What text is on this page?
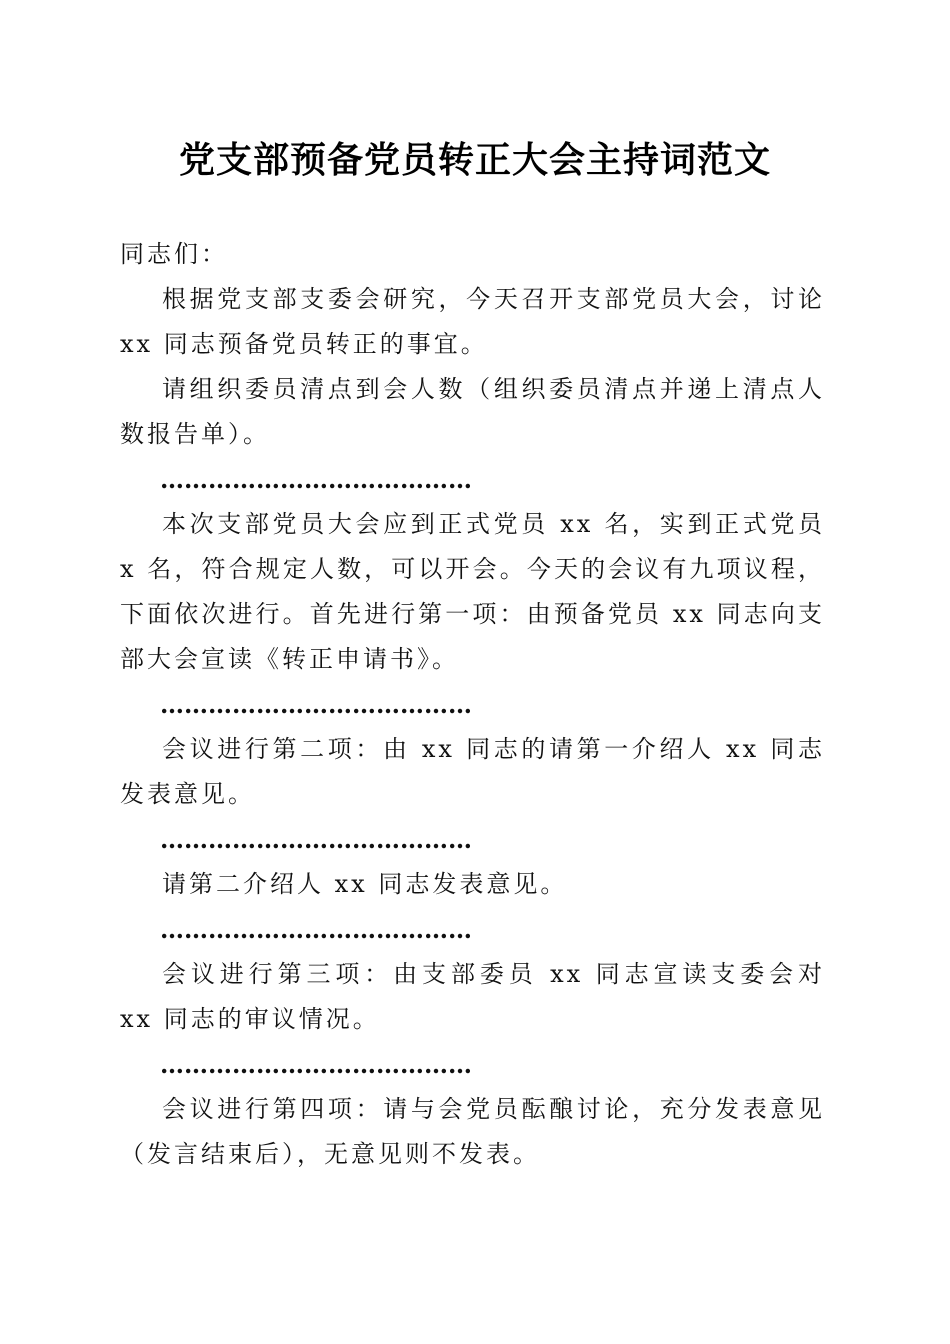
党支部预备党员转正大会主持词范文

同志们：

根据党支部支委会研究，今天召开支部党员大会，讨论 xx 同志预备党员转正的事宜。

请组织委员清点到会人数（组织委员清点并递上清点人数报告单）。

…………………………………

本次支部党员大会应到正式党员 xx 名，实到正式党员 x 名，符合规定人数，可以开会。今天的会议有九项议程，下面依次进行。首先进行第一项：由预备党员 xx 同志向支部大会宣读《转正申请书》。

…………………………………

会议进行第二项：由 xx 同志的请第一介绍人 xx 同志发表意见。

…………………………………

请第二介绍人 xx 同志发表意见。

…………………………………

会议进行第三项：由支部委员 xx 同志宣读支委会对 xx 同志的审议情况。

…………………………………

会议进行第四项：请与会党员酝酿讨论，充分发表意见（发言结束后），无意见则不发表。
